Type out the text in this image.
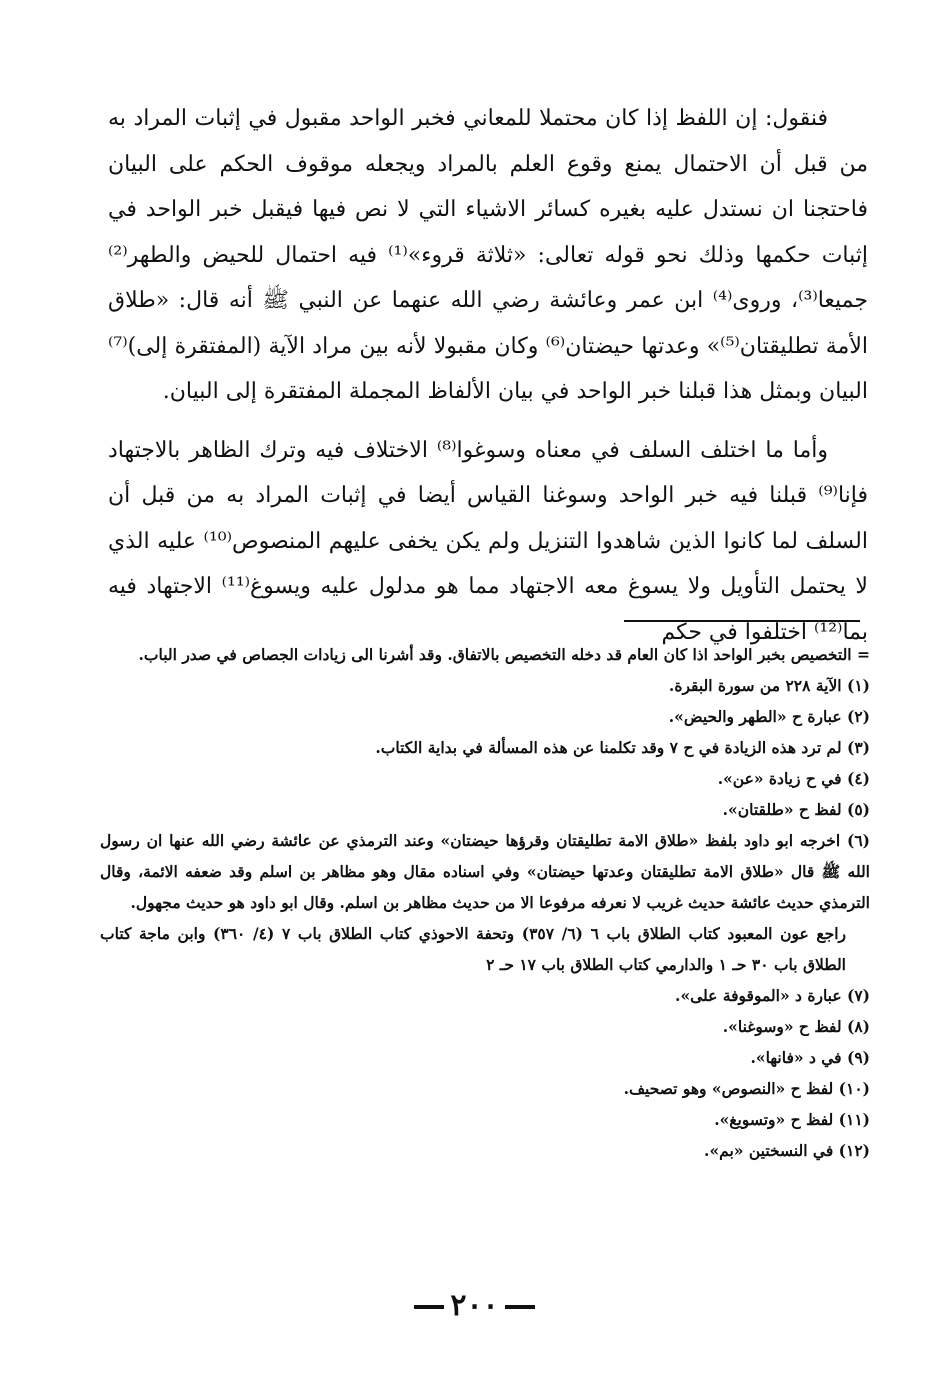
فنقول: إن اللفظ إذا كان محتملا للمعاني فخبر الواحد مقبول في إثبات المراد به من قبل أن الاحتمال يمنع وقوع العلم بالمراد ويجعله موقوف الحكم على البيان فاحتجنا ان نستدل عليه بغيره كسائر الاشياء التي لا نص فيها فيقبل خبر الواحد في إثبات حكمها وذلك نحو قوله تعالى: «ثلاثة قروء»⁽¹⁾ فيه احتمال للحيض والطهر⁽²⁾ جميعا⁽³⁾، وروى⁽⁴⁾ ابن عمر وعائشة رضي الله عنهما عن النبي ﷺ أنه قال: «طلاق الأمة تطليقتان⁽⁵⁾» وعدتها حيضتان⁽⁶⁾ وكان مقبولا لأنه بين مراد الآية (المفتقرة إلى)⁽⁷⁾ البيان وبمثل هذا قبلنا خبر الواحد في بيان الألفاظ المجملة المفتقرة إلى البيان.

وأما ما اختلف السلف في معناه وسوغوا⁽⁸⁾ الاختلاف فيه وترك الظاهر بالاجتهاد فإنا⁽⁹⁾ قبلنا فيه خبر الواحد وسوغنا القياس أيضا في إثبات المراد به من قبل أن السلف لما كانوا الذين شاهدوا التنزيل ولم يكن يخفى عليهم المنصوص⁽¹⁰⁾ عليه الذي لا يحتمل التأويل ولا يسوغ معه الاجتهاد مما هو مدلول عليه ويسوغ⁽¹¹⁾ الاجتهاد فيه بما⁽¹²⁾ اختلفوا في حكم

= التخصيص بخبر الواحد اذا كان العام قد دخله التخصيص بالاتفاق. وقد أشرنا الى زيادات الجصاص في صدر الباب.

(١) الآية ٢٢٨ من سورة البقرة.

(٢) عبارة ح «الطهر والحيض».

(٣) لم ترد هذه الزيادة في ح ٧ وقد تكلمنا عن هذه المسألة في بداية الكتاب.

(٤) في ح زيادة «عن».

(٥) لفظ ح «طلقتان».

(٦) اخرجه ابو داود بلفظ «طلاق الامة تطليقتان وقرؤها حيضتان» وعند الترمذي عن عائشة رضي الله عنها ان رسول الله ﷺ قال «طلاق الامة تطليقتان وعدتها حيضتان» وفي اسناده مقال وهو مظاهر بن اسلم وقد ضعفه الائمة، وقال الترمذي حديث عائشة حديث غريب لا نعرفه مرفوعا الا من حديث مظاهر بن اسلم. وقال ابو داود هو حديث مجهول.

راجع عون المعبود كتاب الطلاق باب ٦ (٦/ ٣٥٧) وتحفة الاحوذي كتاب الطلاق باب ٧ (٤/ ٣٦٠) وابن ماجة كتاب الطلاق باب ٣٠ حـ ١ والدارمي كتاب الطلاق باب ١٧ حـ ٢

(٧) عبارة د «الموقوفة على».

(٨) لفظ ح «وسوغنا».

(٩) في د «فانها».

(١٠) لفظ ح «النصوص» وهو تصحيف.

(١١) لفظ ح «وتسويغ».

(١٢) في النسختين «بم».

٢٠٠
